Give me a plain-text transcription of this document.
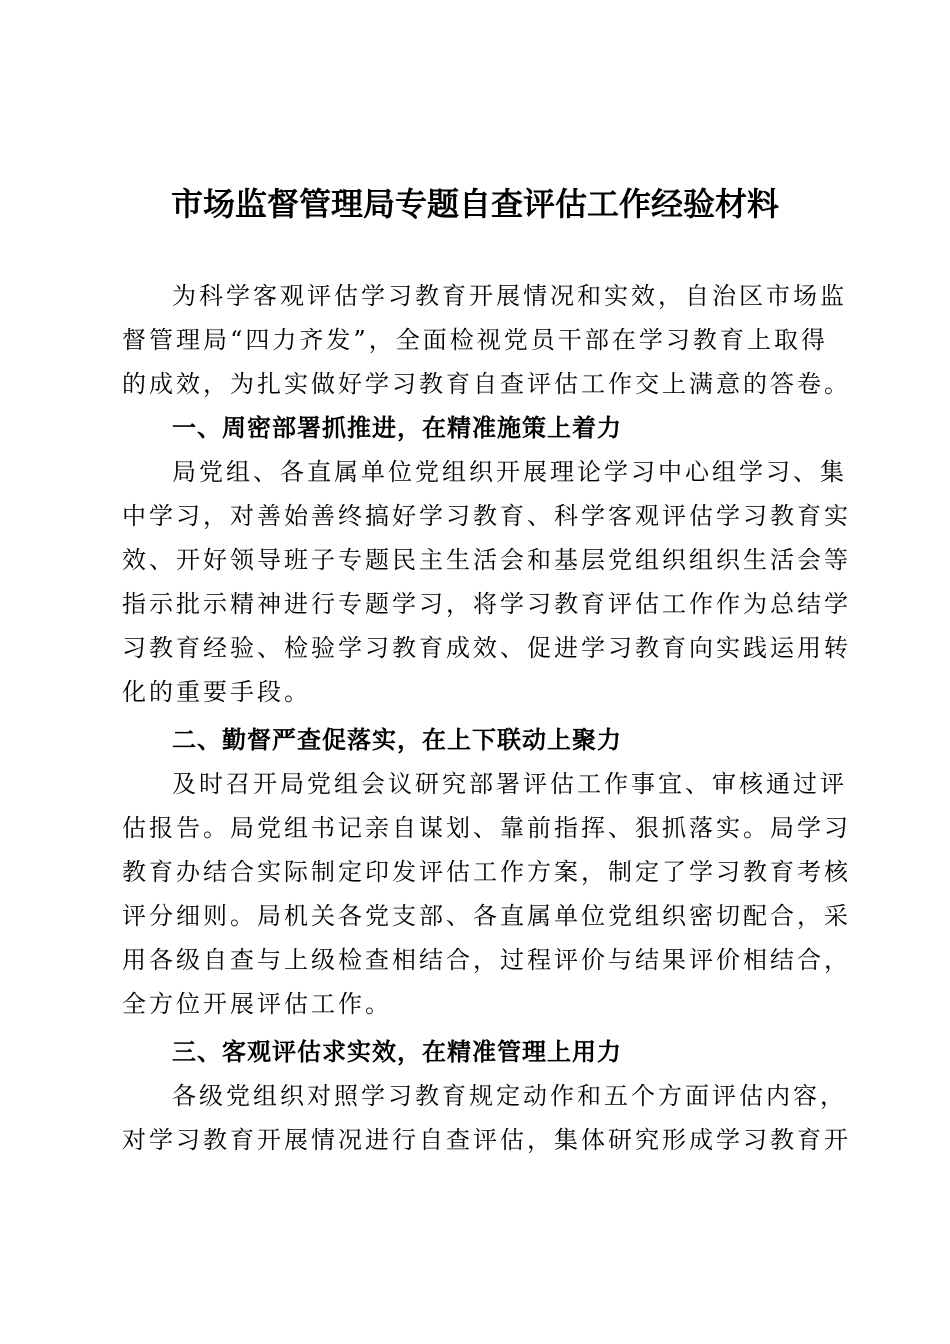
市场监督管理局专题自查评估工作经验材料
为科学客观评估学习教育开展情况和实效，自治区市场监
督管理局“四力齐发”，全面检视党员干部在学习教育上取得
的成效，为扎实做好学习教育自查评估工作交上满意的答卷。
一、周密部署抓推进，在精准施策上着力
局党组、各直属单位党组织开展理论学习中心组学习、集
中学习，对善始善终搞好学习教育、科学客观评估学习教育实
效、开好领导班子专题民主生活会和基层党组织组织生活会等
指示批示精神进行专题学习，将学习教育评估工作作为总结学
习教育经验、检验学习教育成效、促进学习教育向实践运用转
化的重要手段。
二、勤督严查促落实，在上下联动上聚力
及时召开局党组会议研究部署评估工作事宜、审核通过评
估报告。局党组书记亲自谋划、靠前指挥、狠抓落实。局学习
教育办结合实际制定印发评估工作方案，制定了学习教育考核
评分细则。局机关各党支部、各直属单位党组织密切配合，采
用各级自查与上级检查相结合，过程评价与结果评价相结合，
全方位开展评估工作。
三、客观评估求实效，在精准管理上用力
各级党组织对照学习教育规定动作和五个方面评估内容，
对学习教育开展情况进行自查评估，集体研究形成学习教育开
